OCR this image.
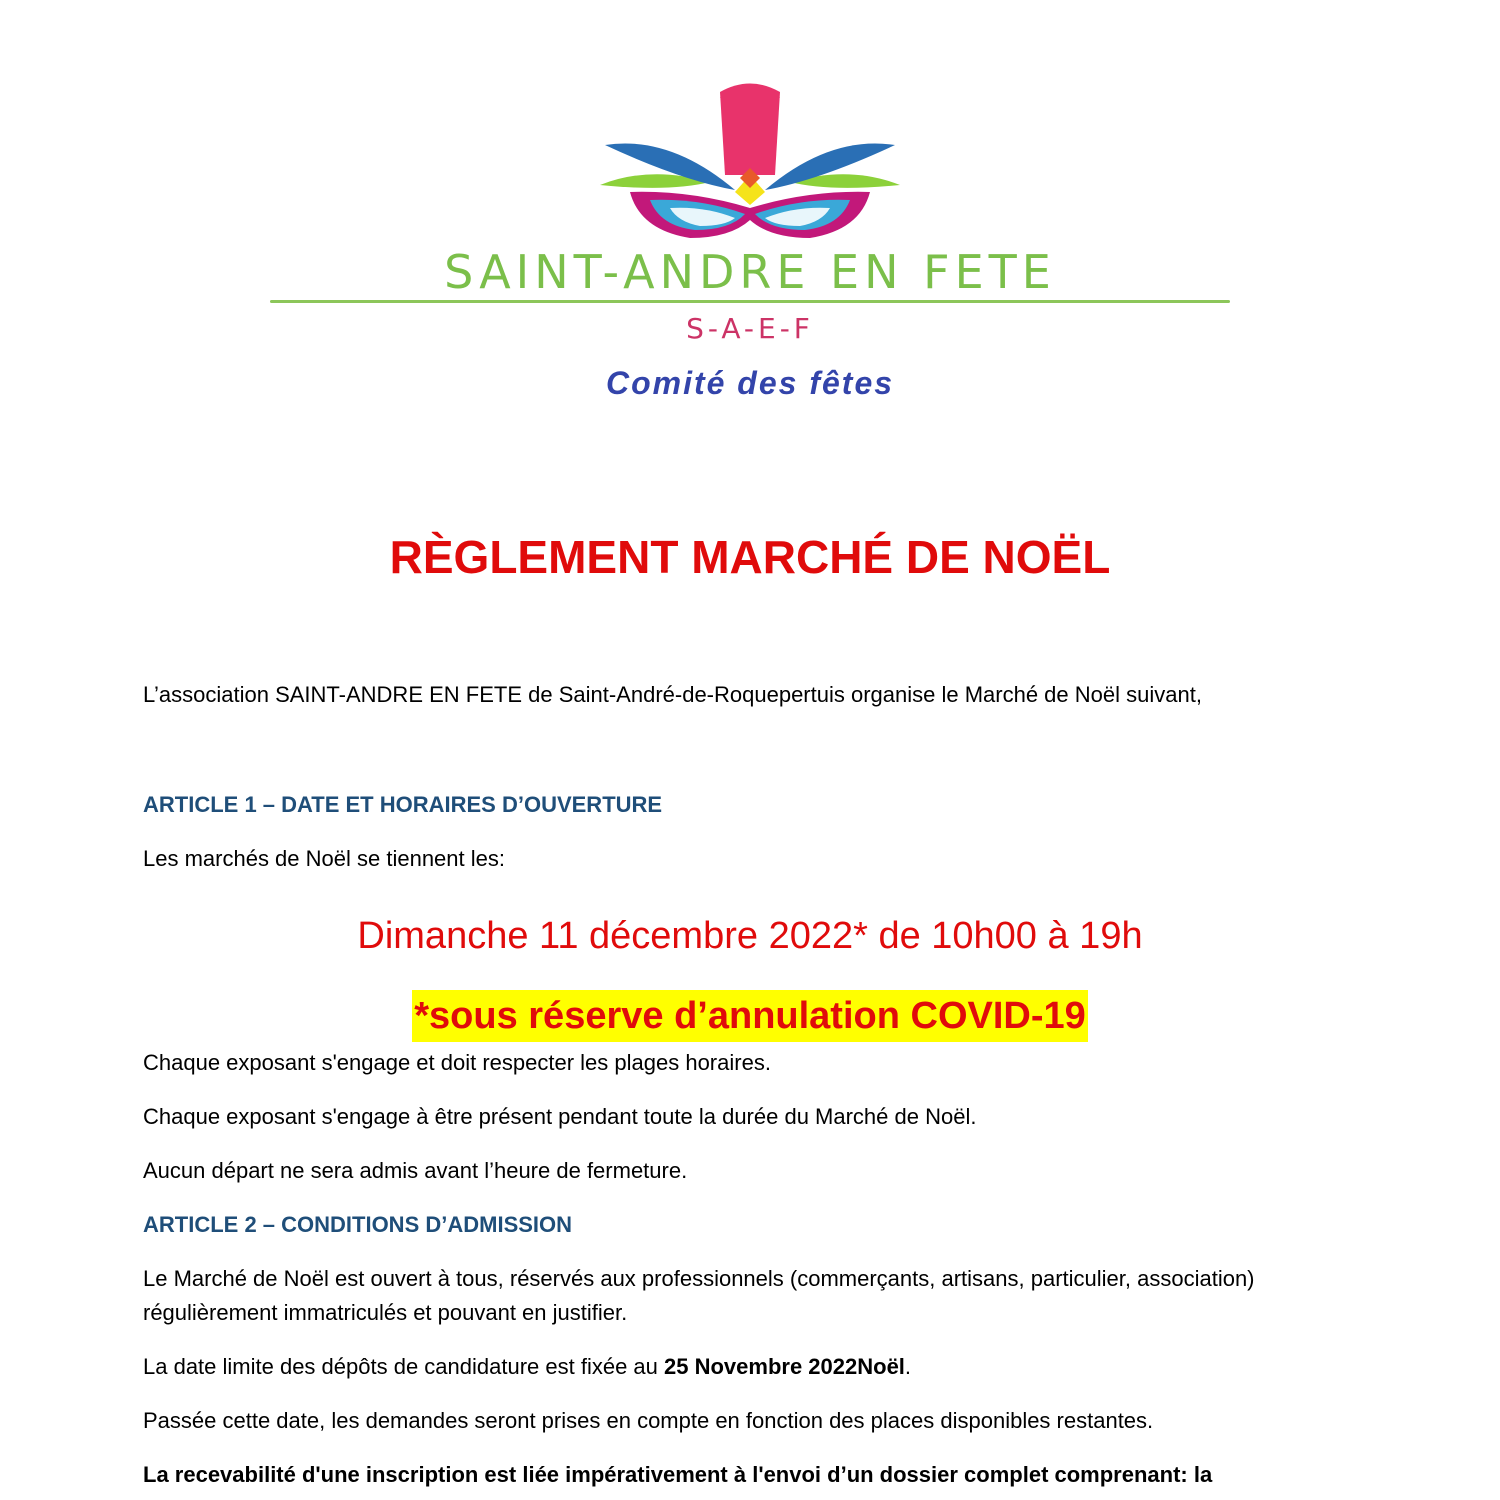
SAINT-ANDRE EN FETE
S-A-E-F
Comité des fêtes
RÈGLEMENT MARCHÉ DE NOËL
L’association SAINT-ANDRE EN FETE de Saint-André-de-Roquepertuis organise le Marché de Noël suivant,
ARTICLE 1 – DATE ET HORAIRES D’OUVERTURE
Les marchés de Noël se tiennent les:
Dimanche 11 décembre 2022* de 10h00 à 19h
*sous réserve d’annulation COVID-19
Chaque exposant s'engage et doit respecter les plages horaires.
Chaque exposant s'engage à être présent pendant toute la durée du Marché de Noël.
Aucun départ ne sera admis avant l’heure de fermeture.
ARTICLE 2 – CONDITIONS D’ADMISSION
Le Marché de Noël est ouvert à tous, réservés aux professionnels (commerçants, artisans, particulier, association) régulièrement immatriculés et pouvant en justifier.
La date limite des dépôts de candidature est fixée au 25 Novembre 2022Noël.
Passée cette date, les demandes seront prises en compte en fonction des places disponibles restantes.
La recevabilité d'une inscription est liée impérativement à l'envoi d’un dossier complet comprenant: la
